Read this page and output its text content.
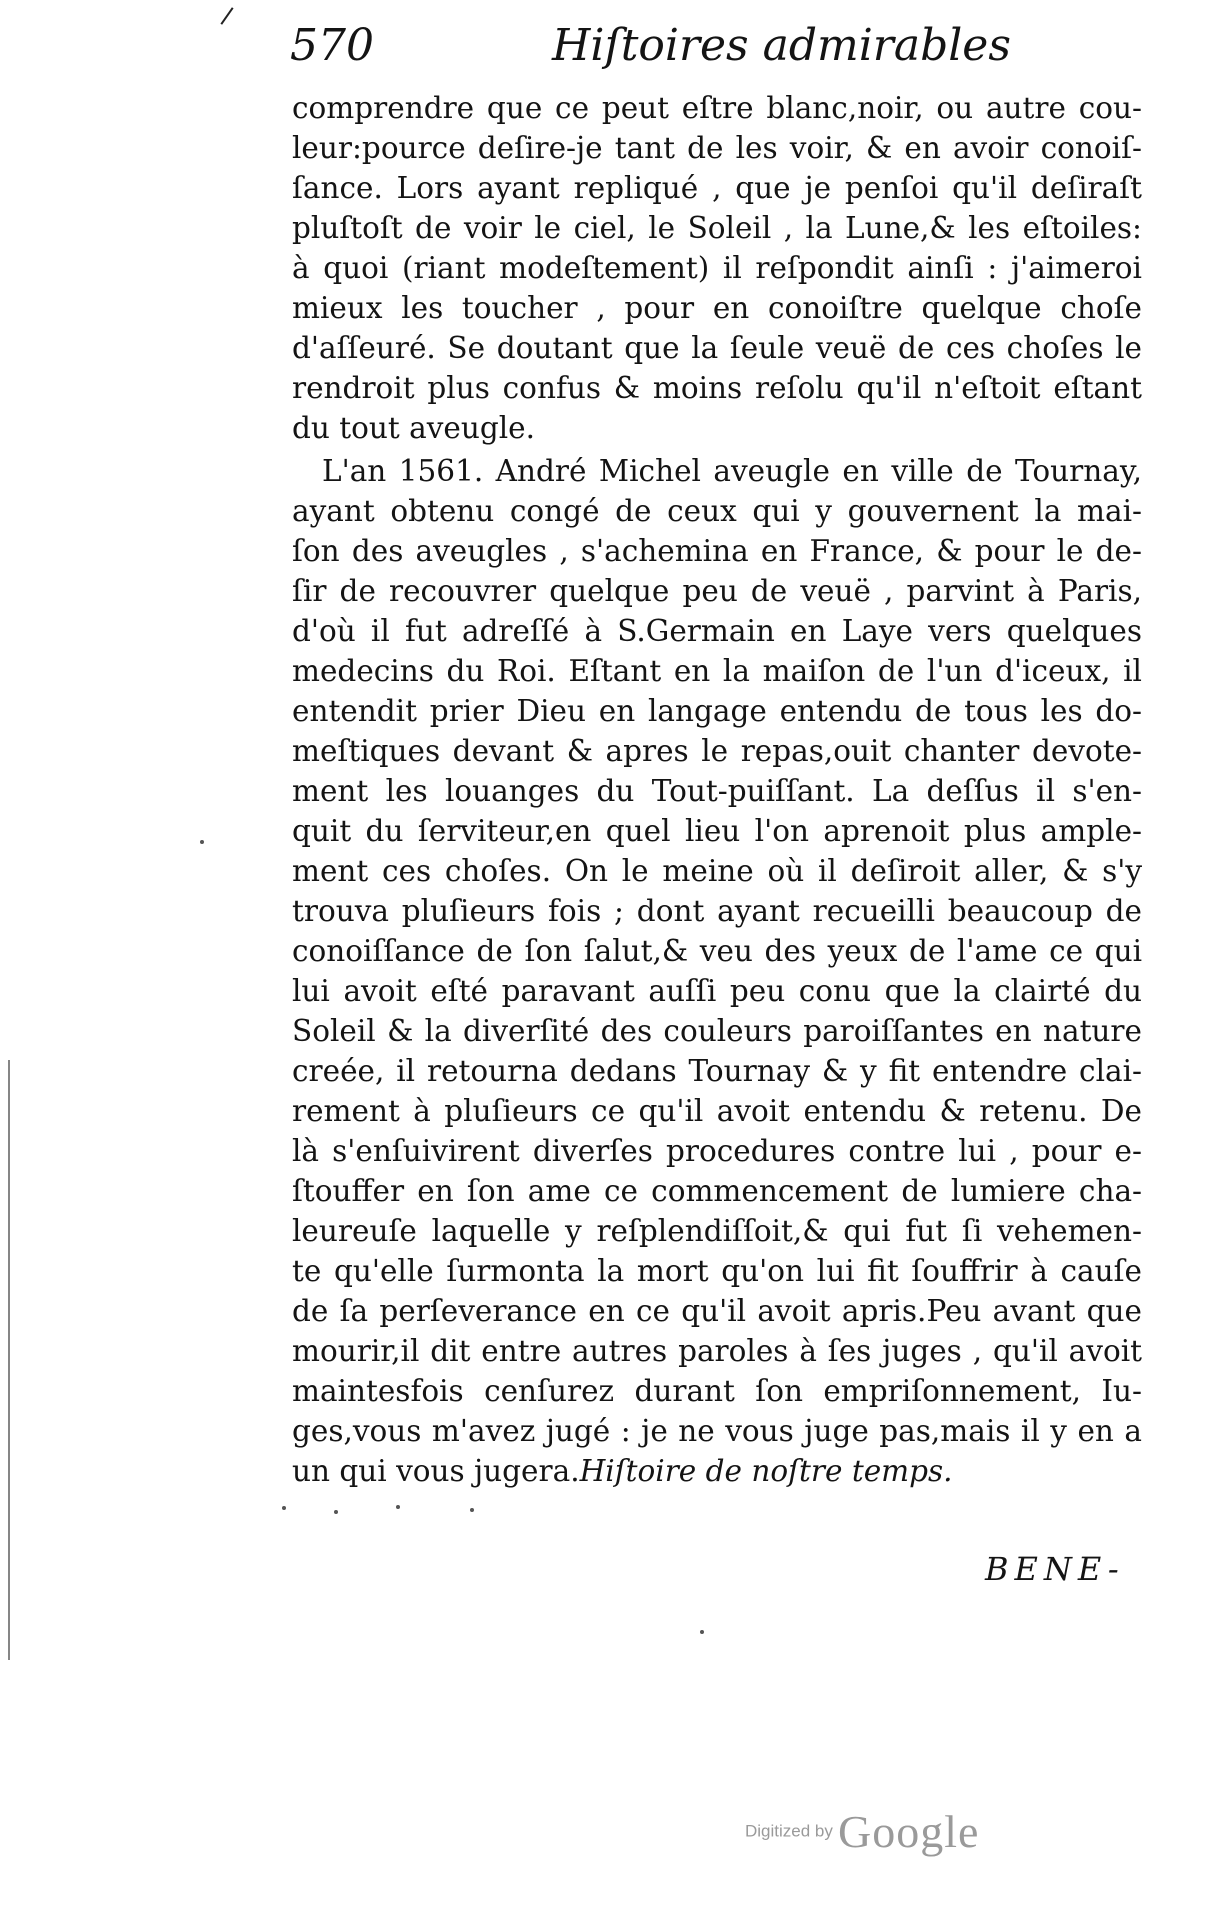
570	Hiſtoires admirables
comprendre que ce peut eſtre blanc,noir, ou autre cou-
leur:pource deſire-je tant de les voir, & en avoir conoiſ-
ſance. Lors ayant repliqué , que je penſoi qu'il deſiraſt
pluſtoſt de voir le ciel, le Soleil , la Lune,& les eſtoiles:
à quoi (riant modeſtement) il reſpondit ainſi : j'aimeroi
mieux les toucher , pour en conoiſtre quelque choſe
d'aſſeuré. Se doutant que la ſeule veuë de ces choſes le
rendroit plus confus & moins reſolu qu'il n'eſtoit eſtant
du tout aveugle.
L'an 1561. André Michel aveugle en ville de Tournay,
ayant obtenu congé de ceux qui y gouvernent la mai-
ſon des aveugles , s'achemina en France, & pour le de-
ſir de recouvrer quelque peu de veuë , parvint à Paris,
d'où il fut adreſſé à S.Germain en Laye vers quelques
medecins du Roi. Eſtant en la maiſon de l'un d'iceux, il
entendit prier Dieu en langage entendu de tous les do-
meſtiques devant & apres le repas,ouit chanter devote-
ment les louanges du Tout-puiſſant. La deſſus il s'en-
quit du ſerviteur,en quel lieu l'on aprenoit plus ample-
ment ces choſes. On le meine où il deſiroit aller, & s'y
trouva pluſieurs fois ; dont ayant recueilli beaucoup de
conoiſſance de ſon ſalut,& veu des yeux de l'ame ce qui
lui avoit eſté paravant auſſi peu conu que la clairté du
Soleil & la diverſité des couleurs paroiſſantes en nature
creée, il retourna dedans Tournay & y fit entendre clai-
rement à pluſieurs ce qu'il avoit entendu & retenu. De
là s'enſuivirent diverſes procedures contre lui , pour e-
ſtouffer en ſon ame ce commencement de lumiere cha-
leureuſe laquelle y reſplendiſſoit,& qui fut ſi vehemen-
te qu'elle ſurmonta la mort qu'on lui fit ſouffrir à cauſe
de ſa perſeverance en ce qu'il avoit apris.Peu avant que
mourir,il dit entre autres paroles à ſes juges , qu'il avoit
maintesfois cenſurez durant ſon empriſonnement, Iu-
ges,vous m'avez jugé : je ne vous juge pas,mais il y en a
un qui vous jugera.Hiſtoire de noſtre temps.
BENE-
Digitized by Google
